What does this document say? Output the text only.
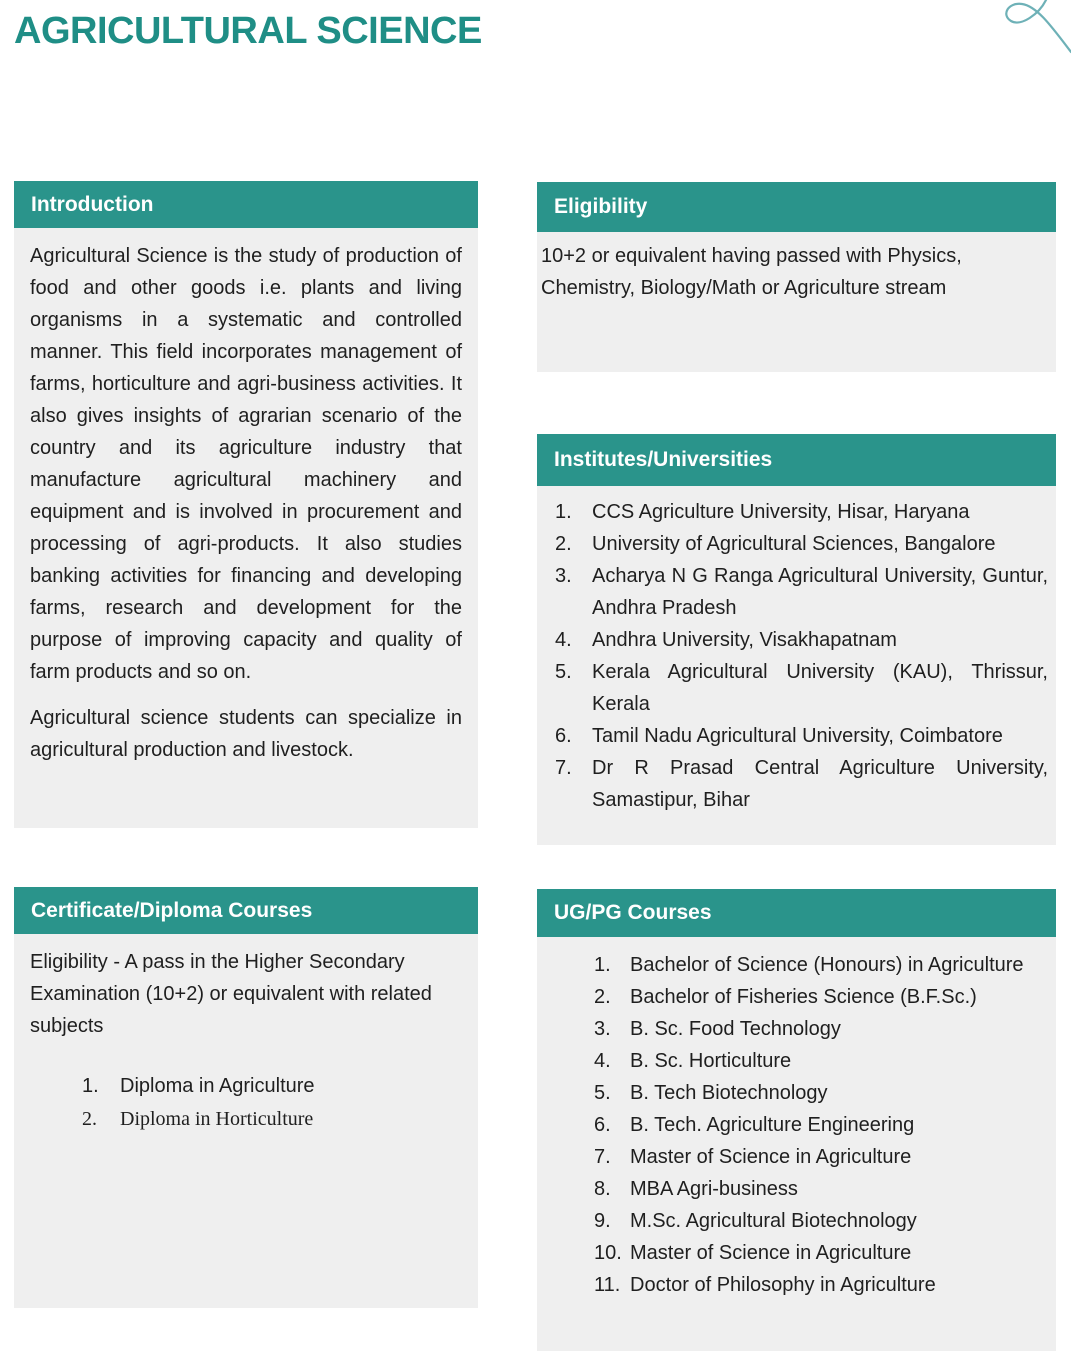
AGRICULTURAL SCIENCE
Introduction

Agricultural Science is the study of production of food and other goods i.e. plants and living organisms in a systematic and controlled manner. This field incorporates management of farms, horticulture and agri-business activities. It also gives insights of agrarian scenario of the country and its agriculture industry that manufacture agricultural machinery and equipment and is involved in procurement and processing of agri-products. It also studies banking activities for financing and developing farms, research and development for the purpose of improving capacity and quality of farm products and so on.

Agricultural science students can specialize in agricultural production and livestock.

Eligibility

10+2 or equivalent having passed with Physics, Chemistry, Biology/Math or Agriculture stream

Institutes/Universities
CCS Agriculture University, Hisar, Haryana
University of Agricultural Sciences, Bangalore
Acharya N G Ranga Agricultural University, Guntur, Andhra Pradesh
Andhra University, Visakhapatnam
Kerala Agricultural University (KAU), Thrissur, Kerala
Tamil Nadu Agricultural University, Coimbatore
Dr R Prasad Central Agriculture University, Samastipur, Bihar
Certificate/Diploma Courses

Eligibility - A pass in the Higher Secondary Examination (10+2) or equivalent with related subjects

Diploma in Agriculture
Diploma in Horticulture
UG/PG Courses
Bachelor of Science (Honours) in Agriculture
Bachelor of Fisheries Science (B.F.Sc.)
B. Sc. Food Technology
B. Sc. Horticulture
B. Tech Biotechnology
B. Tech. Agriculture Engineering
Master of Science in Agriculture
MBA Agri-business
M.Sc. Agricultural Biotechnology
Master of Science in Agriculture
Doctor of Philosophy in Agriculture
